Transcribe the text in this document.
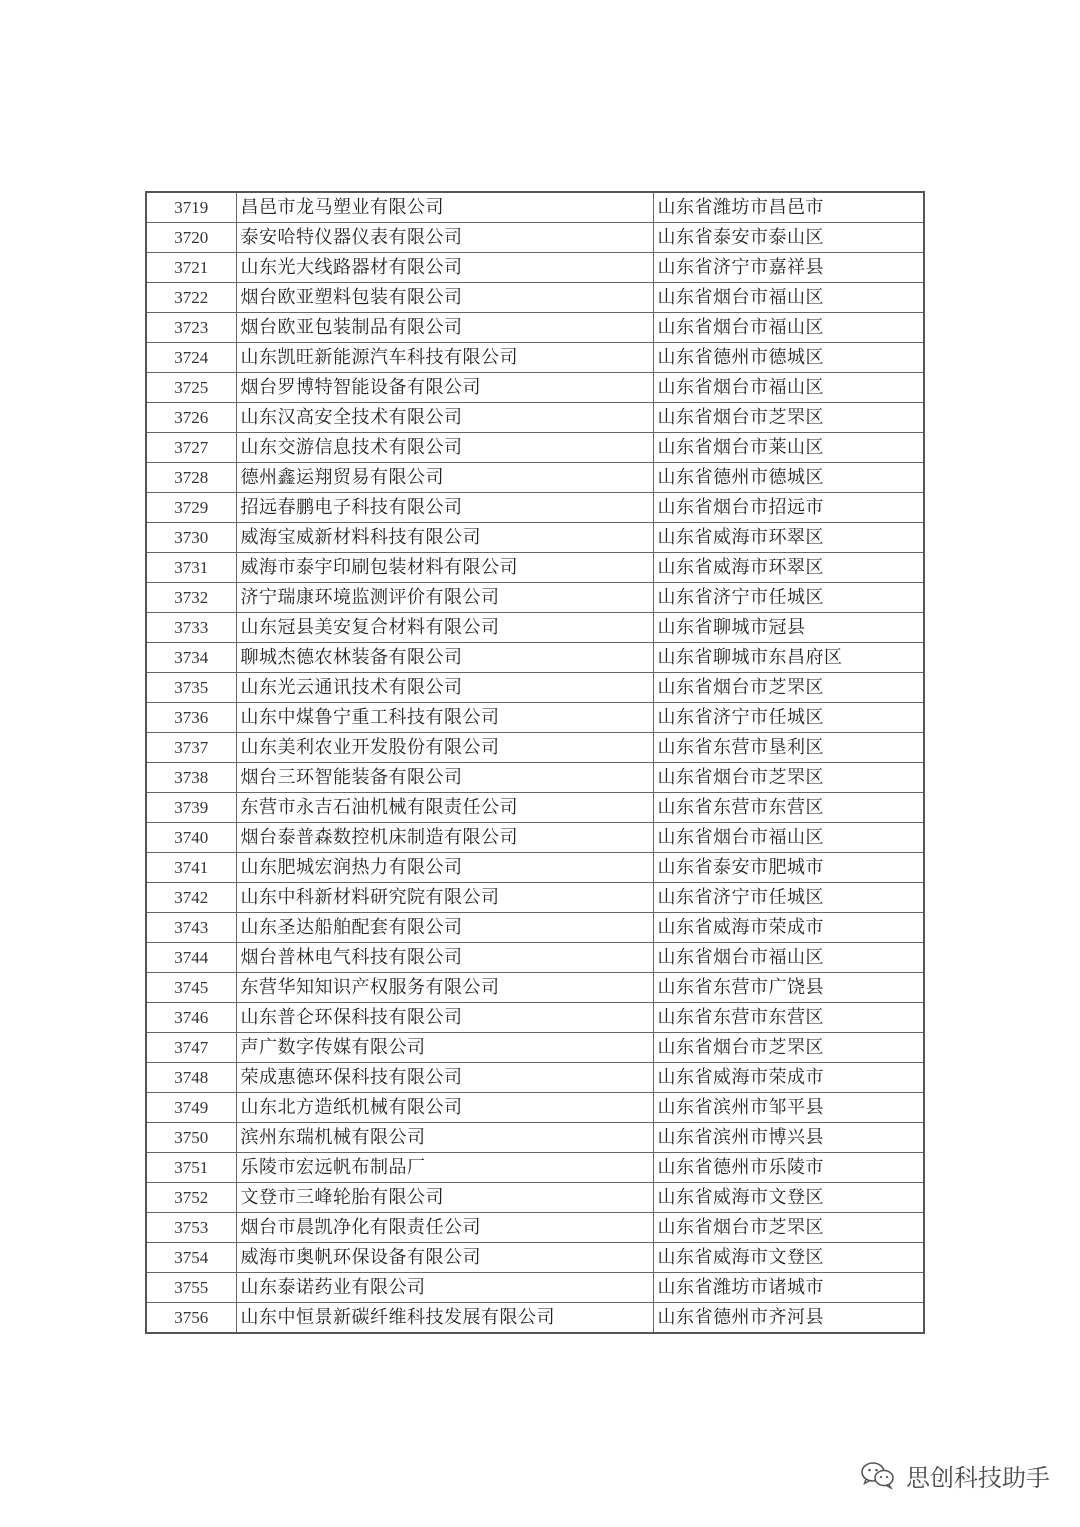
3719	昌邑市龙马塑业有限公司	山东省潍坊市昌邑市
3720	泰安哈特仪器仪表有限公司	山东省泰安市泰山区
3721	山东光大线路器材有限公司	山东省济宁市嘉祥县
3722	烟台欧亚塑料包装有限公司	山东省烟台市福山区
3723	烟台欧亚包装制品有限公司	山东省烟台市福山区
3724	山东凯旺新能源汽车科技有限公司	山东省德州市德城区
3725	烟台罗博特智能设备有限公司	山东省烟台市福山区
3726	山东汉高安全技术有限公司	山东省烟台市芝罘区
3727	山东交游信息技术有限公司	山东省烟台市莱山区
3728	德州鑫运翔贸易有限公司	山东省德州市德城区
3729	招远春鹏电子科技有限公司	山东省烟台市招远市
3730	威海宝威新材料科技有限公司	山东省威海市环翠区
3731	威海市泰宇印刷包装材料有限公司	山东省威海市环翠区
3732	济宁瑞康环境监测评价有限公司	山东省济宁市任城区
3733	山东冠县美安复合材料有限公司	山东省聊城市冠县
3734	聊城杰德农林装备有限公司	山东省聊城市东昌府区
3735	山东光云通讯技术有限公司	山东省烟台市芝罘区
3736	山东中煤鲁宁重工科技有限公司	山东省济宁市任城区
3737	山东美利农业开发股份有限公司	山东省东营市垦利区
3738	烟台三环智能装备有限公司	山东省烟台市芝罘区
3739	东营市永吉石油机械有限责任公司	山东省东营市东营区
3740	烟台泰普森数控机床制造有限公司	山东省烟台市福山区
3741	山东肥城宏润热力有限公司	山东省泰安市肥城市
3742	山东中科新材料研究院有限公司	山东省济宁市任城区
3743	山东圣达船舶配套有限公司	山东省威海市荣成市
3744	烟台普林电气科技有限公司	山东省烟台市福山区
3745	东营华知知识产权服务有限公司	山东省东营市广饶县
3746	山东普仑环保科技有限公司	山东省东营市东营区
3747	声广数字传媒有限公司	山东省烟台市芝罘区
3748	荣成惠德环保科技有限公司	山东省威海市荣成市
3749	山东北方造纸机械有限公司	山东省滨州市邹平县
3750	滨州东瑞机械有限公司	山东省滨州市博兴县
3751	乐陵市宏远帆布制品厂	山东省德州市乐陵市
3752	文登市三峰轮胎有限公司	山东省威海市文登区
3753	烟台市晨凯净化有限责任公司	山东省烟台市芝罘区
3754	威海市奥帆环保设备有限公司	山东省威海市文登区
3755	山东泰诺药业有限公司	山东省潍坊市诸城市
3756	山东中恒景新碳纤维科技发展有限公司	山东省德州市齐河县
思创科技助手
